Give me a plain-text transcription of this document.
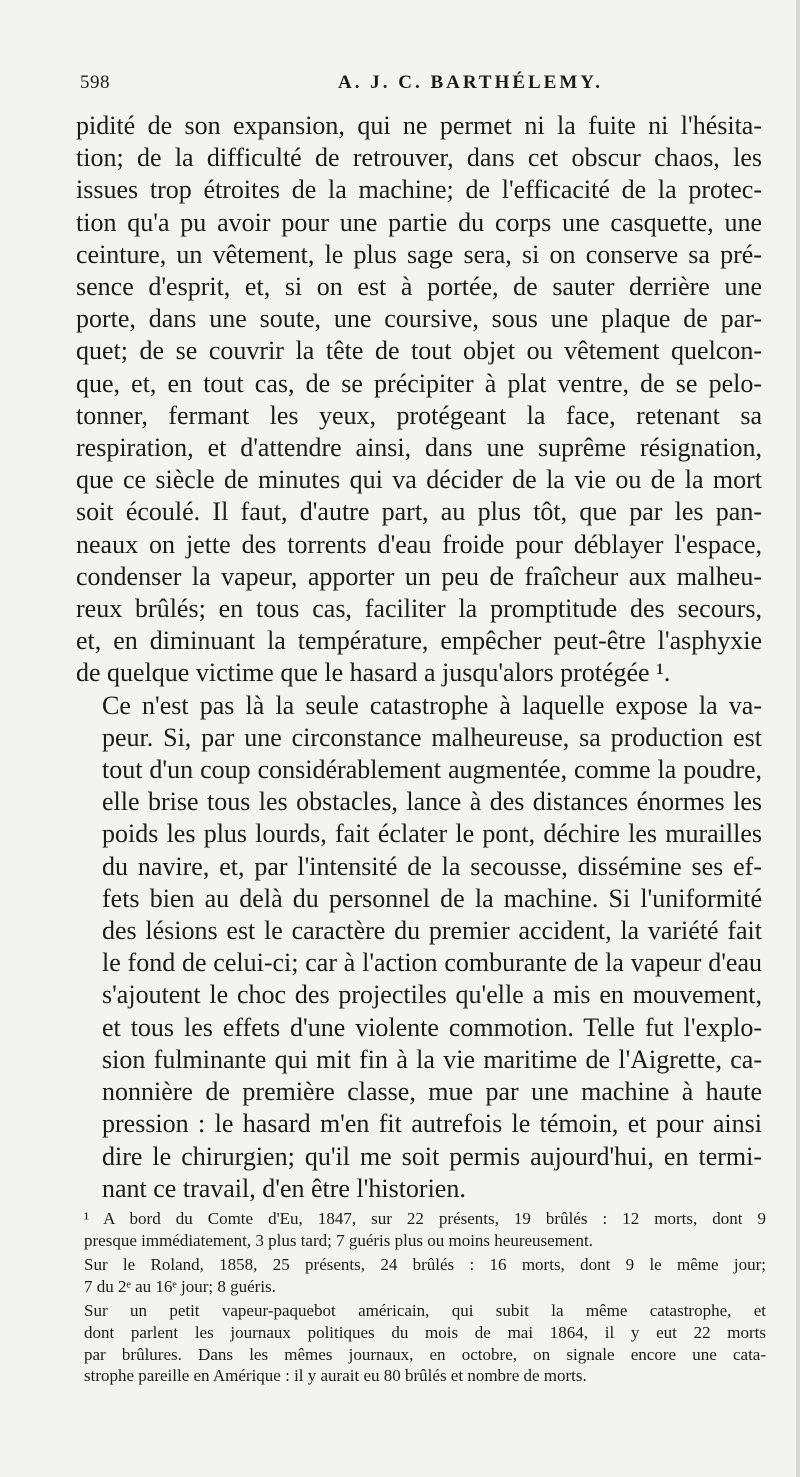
598	A. J. C. BARTHÉLEMY.

pidité de son expansion, qui ne permet ni la fuite ni l'hésita-
tion; de la difficulté de retrouver, dans cet obscur chaos, les
issues trop étroites de la machine; de l'efficacité de la protec-
tion qu'a pu avoir pour une partie du corps une casquette, une
ceinture, un vêtement, le plus sage sera, si on conserve sa pré-
sence d'esprit, et, si on est à portée, de sauter derrière une
porte, dans une soute, une coursive, sous une plaque de par-
quet; de se couvrir la tête de tout objet ou vêtement quelcon-
que, et, en tout cas, de se précipiter à plat ventre, de se pelo-
tonner, fermant les yeux, protégeant la face, retenant sa
respiration, et d'attendre ainsi, dans une suprême résignation,
que ce siècle de minutes qui va décider de la vie ou de la mort
soit écoulé. Il faut, d'autre part, au plus tôt, que par les pan-
neaux on jette des torrents d'eau froide pour déblayer l'espace,
condenser la vapeur, apporter un peu de fraîcheur aux malheu-
reux brûlés; en tous cas, faciliter la promptitude des secours,
et, en diminuant la température, empêcher peut-être l'asphyxie
de quelque victime que le hasard a jusqu'alors protégée ¹.

Ce n'est pas là la seule catastrophe à laquelle expose la va-
peur. Si, par une circonstance malheureuse, sa production est
tout d'un coup considérablement augmentée, comme la poudre,
elle brise tous les obstacles, lance à des distances énormes les
poids les plus lourds, fait éclater le pont, déchire les murailles
du navire, et, par l'intensité de la secousse, dissémine ses ef-
fets bien au delà du personnel de la machine. Si l'uniformité
des lésions est le caractère du premier accident, la variété fait
le fond de celui-ci; car à l'action comburante de la vapeur d'eau
s'ajoutent le choc des projectiles qu'elle a mis en mouvement,
et tous les effets d'une violente commotion. Telle fut l'explo-
sion fulminante qui mit fin à la vie maritime de l'Aigrette, ca-
nonnière de première classe, mue par une machine à haute
pression : le hasard m'en fit autrefois le témoin, et pour ainsi
dire le chirurgien; qu'il me soit permis aujourd'hui, en termi-
nant ce travail, d'en être l'historien.

¹ A bord du Comte d'Eu, 1847, sur 22 présents, 19 brûlés : 12 morts, dont 9
presque immédiatement, 3 plus tard; 7 guéris plus ou moins heureusement.

Sur le Roland, 1858, 25 présents, 24 brûlés : 16 morts, dont 9 le même jour;
7 du 2ᵉ au 16ᵉ jour; 8 guéris.

Sur un petit vapeur-paquebot américain, qui subit la même catastrophe, et
dont parlent les journaux politiques du mois de mai 1864, il y eut 22 morts
par brûlures. Dans les mêmes journaux, en octobre, on signale encore une cata-
strophe pareille en Amérique : il y aurait eu 80 brûlés et nombre de morts.
